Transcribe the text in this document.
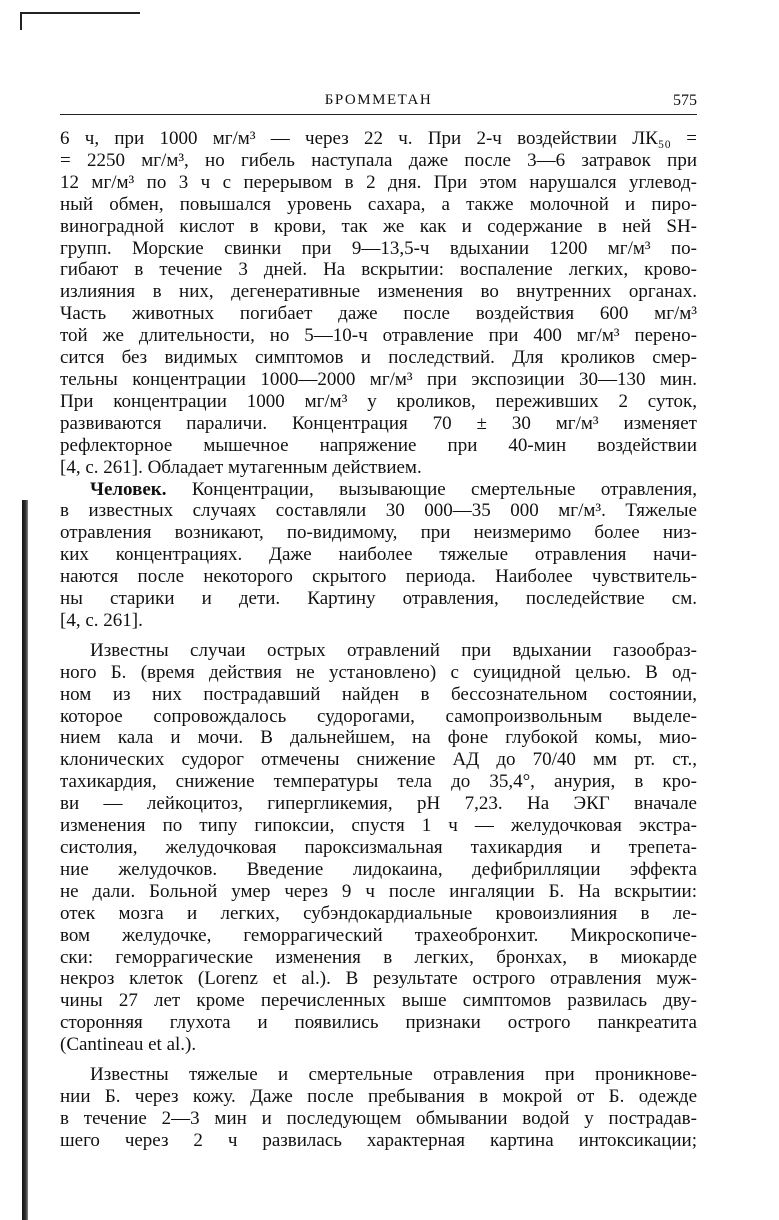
БРОММЕТАН	575
6 ч, при 1000 мг/м³ — через 22 ч. При 2-ч воздействии ЛК₅₀ =
= 2250 мг/м³, но гибель наступала даже после 3—6 затравок при
12 мг/м³ по 3 ч с перерывом в 2 дня. При этом нарушался углевод-
ный обмен, повышался уровень сахара, а также молочной и пиро-
виноградной кислот в крови, так же как и содержание в ней SH-
групп. Морские свинки при 9—13,5-ч вдыхании 1200 мг/м³ по-
гибают в течение 3 дней. На вскрытии: воспаление легких, крово-
излияния в них, дегенеративные изменения во внутренних органах.
Часть животных погибает даже после воздействия 600 мг/м³
той же длительности, но 5—10-ч отравление при 400 мг/м³ перено-
сится без видимых симптомов и последствий. Для кроликов смер-
тельны концентрации 1000—2000 мг/м³ при экспозиции 30—130 мин.
При концентрации 1000 мг/м³ у кроликов, переживших 2 суток,
развиваются параличи. Концентрация 70 ± 30 мг/м³ изменяет
рефлекторное мышечное напряжение при 40-мин воздействии
[4, с. 261]. Обладает мутагенным действием.
Человек. Концентрации, вызывающие смертельные отравления,
в известных случаях составляли 30 000—35 000 мг/м³. Тяжелые
отравления возникают, по-видимому, при неизмеримо более низ-
ких концентрациях. Даже наиболее тяжелые отравления начи-
наются после некоторого скрытого периода. Наиболее чувствитель-
ны старики и дети. Картину отравления, последействие см.
[4, с. 261].
Известны случаи острых отравлений при вдыхании газообраз-
ного Б. (время действия не установлено) с суицидной целью. В од-
ном из них пострадавший найден в бессознательном состоянии,
которое сопровождалось судорогами, самопроизвольным выделе-
нием кала и мочи. В дальнейшем, на фоне глубокой комы, мио-
клонических судорог отмечены снижение АД до 70/40 мм рт. ст.,
тахикардия, снижение температуры тела до 35,4°, анурия, в кро-
ви — лейкоцитоз, гипергликемия, pH 7,23. На ЭКГ вначале
изменения по типу гипоксии, спустя 1 ч — желудочковая экстра-
систолия, желудочковая пароксизмальная тахикардия и трепета-
ние желудочков. Введение лидокаина, дефибрилляции эффекта
не дали. Больной умер через 9 ч после ингаляции Б. На вскрытии:
отек мозга и легких, субэндокардиальные кровоизлияния в ле-
вом желудочке, геморрагический трахеобронхит. Микроскопиче-
ски: геморрагические изменения в легких, бронхах, в миокарде
некроз клеток (Lorenz et al.). В результате острого отравления муж-
чины 27 лет кроме перечисленных выше симптомов развилась дву-
сторонняя глухота и появились признаки острого панкреатита
(Cantineau et al.).
Известны тяжелые и смертельные отравления при проникнове-
нии Б. через кожу. Даже после пребывания в мокрой от Б. одежде
в течение 2—3 мин и последующем обмывании водой у пострадав-
шего через 2 ч развилась характерная картина интоксикации;
